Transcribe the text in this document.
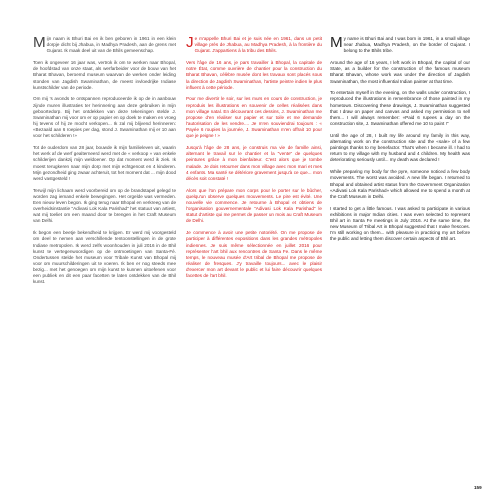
Mijn naam is Bhuri Bai en ik ben geboren in 1961 in een klein dorpje dicht bij Jhabua, in Madhya Pradesh, aan de grens met Gujarat. Ik maak deel uit van de Bhils gemeenschap.

Toen ik ongeveer 16 jaar was, vertrok ik om te werken naar Bhopal, de hoofdstad van onze staat, als werfarbeider voor de bouw van het Bharat Bhavan, beroemd museum waarvan de werken onder leiding stonden van Jagdish Swaminathan, de meest invloedrijke Indiase kunstschilder van de periode.

Om mij 's avonds te ontspannen reproduceerde ik op de in aanbouw zijnde muren illustraties ter herinnering aan deze gebruiken in mijn geboortedorp. Bij het ontdekken van deze tekeningen stelde J. Swaminathan mij voor om er op papier en op doek te maken en vroeg hij tevens of hij ze mocht verkopen... Ik zal mij blijvend herinneren: «Bezaald aan 6 roepies per dag, stond J. Swaminathan mij er 10 aan voor het schilderen !»

Tot de ouderdom van 28 jaar, bouwde ik mijn familieleven uit, waarin het werk af de werf gealterneerd werd met de « verkoop » van enkele schilderijen dankzij mijn weldoener. Op dat moment werd ik ziek. Ik moest terugkeren naar mijn dorp met mijn echtgenoot en 4 kinderen. Mijn gezondheid ging zwaar achteruit, tot het moment dat ... mijn dood werd vastgesteld !

Terwijl mijn lichaam werd voorbereid om op de brandstapel gelegd te worden zag iemand enkele bewegingen. Het orgelde was vermeden. Een nieuw leven begon. Ik ging terug naar Bhopal en verkreeg van de overheidsinstantie "Adivasi Lok Kala Parishad" het statuut van artiest, wat mij toeliet om een maand door te brengen in het Craft Museum van Delhi.

Ik begon een beetje bekendheid te krijgen. Er werd mij voorgesteld om deel te nemen aan verschillende tentoonstellingen in de grote Indiase metropolen. Ik werd zelfs woonhouden in juli 2016 in de Bhil kunst te vertegenwoordigen op de ontmoetingen van Santa-Fé. Ondertussen stelde het museum voor Tribale Kunst van Bhopal mij voor om muurschilderingen uit te voeren. Ik ben er nog steeds mee bezig... met het genoegen om mijn kunst te kunnen uitoefenen voor een publiek en dit een paar facetten te laten ontdekken van de Bhil kunst.

Je m'appelle Bhuri Bai et je suis née en 1961, dans un petit village près de Jhabua, au Madhya Pradesh, à la frontière du Gujarat. J'appartiens à la tribu des Bhils.

Vers l'âge de 16 ans, je pars travailler à Bhopal, la capitale de notre État, comme ouvrière de chantier pour la construction du Bharat Bhavan, célèbre musée dont les travaux sont placés sous la direction de Jagdish Swaminathan, l'artiste peintre indien le plus influent à cette période.

Pour me divertir le soir, sur les murs en cours de construction, je reproduis les illustrations en souvenir de celles réalisées dans mon village natal. En découvrant ces dessins, J. Swaminathan me propose d'en réaliser sur papier et sur toile et me demande l'autorisation de les vendre.... Je m'en souviendrai toujours : « Payée 6 roupies la journée, J. Swaminathan m'en offrait 10 pour que je peigne ! »

Jusqu'à l'âge de 28 ans, je construis ma vie de famille ainsi, alternant le travail sur le chantier et la "vente" de quelques peintures grâce à mon bienfaiteur. C'est alors que je tombe malade. Je dois retourner dans mon village avec mon mari et mes 4 enfants. Ma santé se détériore gravement jusqu'à ce que... mon décès soit constaté !

Alors que l'on prépare mon corps pour le porter sur le bûcher, quelqu'un observe quelques mouvements. Le pire est évité. Une nouvelle vie commence. Je retourne à Bhopal et obtiens de l'organisation gouvernementale "Adivasi Lok Kala Parishad" le statut d'artiste qui me permet de passer un mois au Craft Museum de Delhi.

Je commence à avoir une petite notoriété. On me propose de participer à différentes expositions dans les grandes métropoles indiennes. Je suis même sélectionnée en juillet 2016 pour représenter l'art bhil aux rencontres de Santa Fe. Dans le même temps, le nouveau musée d'Art tribal de Bhopal me propose de réaliser de fresques. J'y travaille toujours... avec le plaisir d'exercer mon art devant le public et lui faire découvrir quelques facettes de l'art bhil.

My name is Bhuri Bai and I was born in 1961, in a small village near Jhabua, Madhya Pradesh, on the border of Gujarat. I belong to the Bhils tribe.

Around the age of 16 years, I left work in Bhopal, the capital of our State, as a builder for the construction of the famous museum Bharat Bhavan, whose work was under the direction of Jagdish Swaminathan, the most influential Indian painter at that time.

To entertain myself in the evening, on the walls under construction, I reproduced the illustrations in remembrance of those painted in my hometown. Discovering these drawings, J. Swaminathan suggested that I draw on paper and canvas and asked my permission to sell them... I will always remember: «Paid 6 rupees a day on the construction site, J. Swaminathan offered me 10 to paint !"

Until the age of 28, I built my life around my family in this way, alternating work on the construction site and the «sale» of a few paintings thanks to my benefactor. That's when I became ill. I had to return to my village with my husband and 4 children. My health was deteriorating seriously until... my death was declared !

While preparing my body for the pyre, someone noticed a few body movements. The worst was avoided. A new life began. I returned to Bhopal and obtained artist status from the Government Organization «Adivasi Lok Kala Parishad» which allowed me to spend a month at the Craft Museum in Delhi.

I started to get a little famous. I was asked to participate in various exhibitions in major Indian cities. I was even selected to represent Bhil art in Santa Fe meetings in July 2016. At the same time, the new Museum of Tribal Art in Bhopal suggested that I make frescoes. I'm still working on them... with pleasure in practicing my art before the public and letting them discover certain aspects of Bhil art.

159
